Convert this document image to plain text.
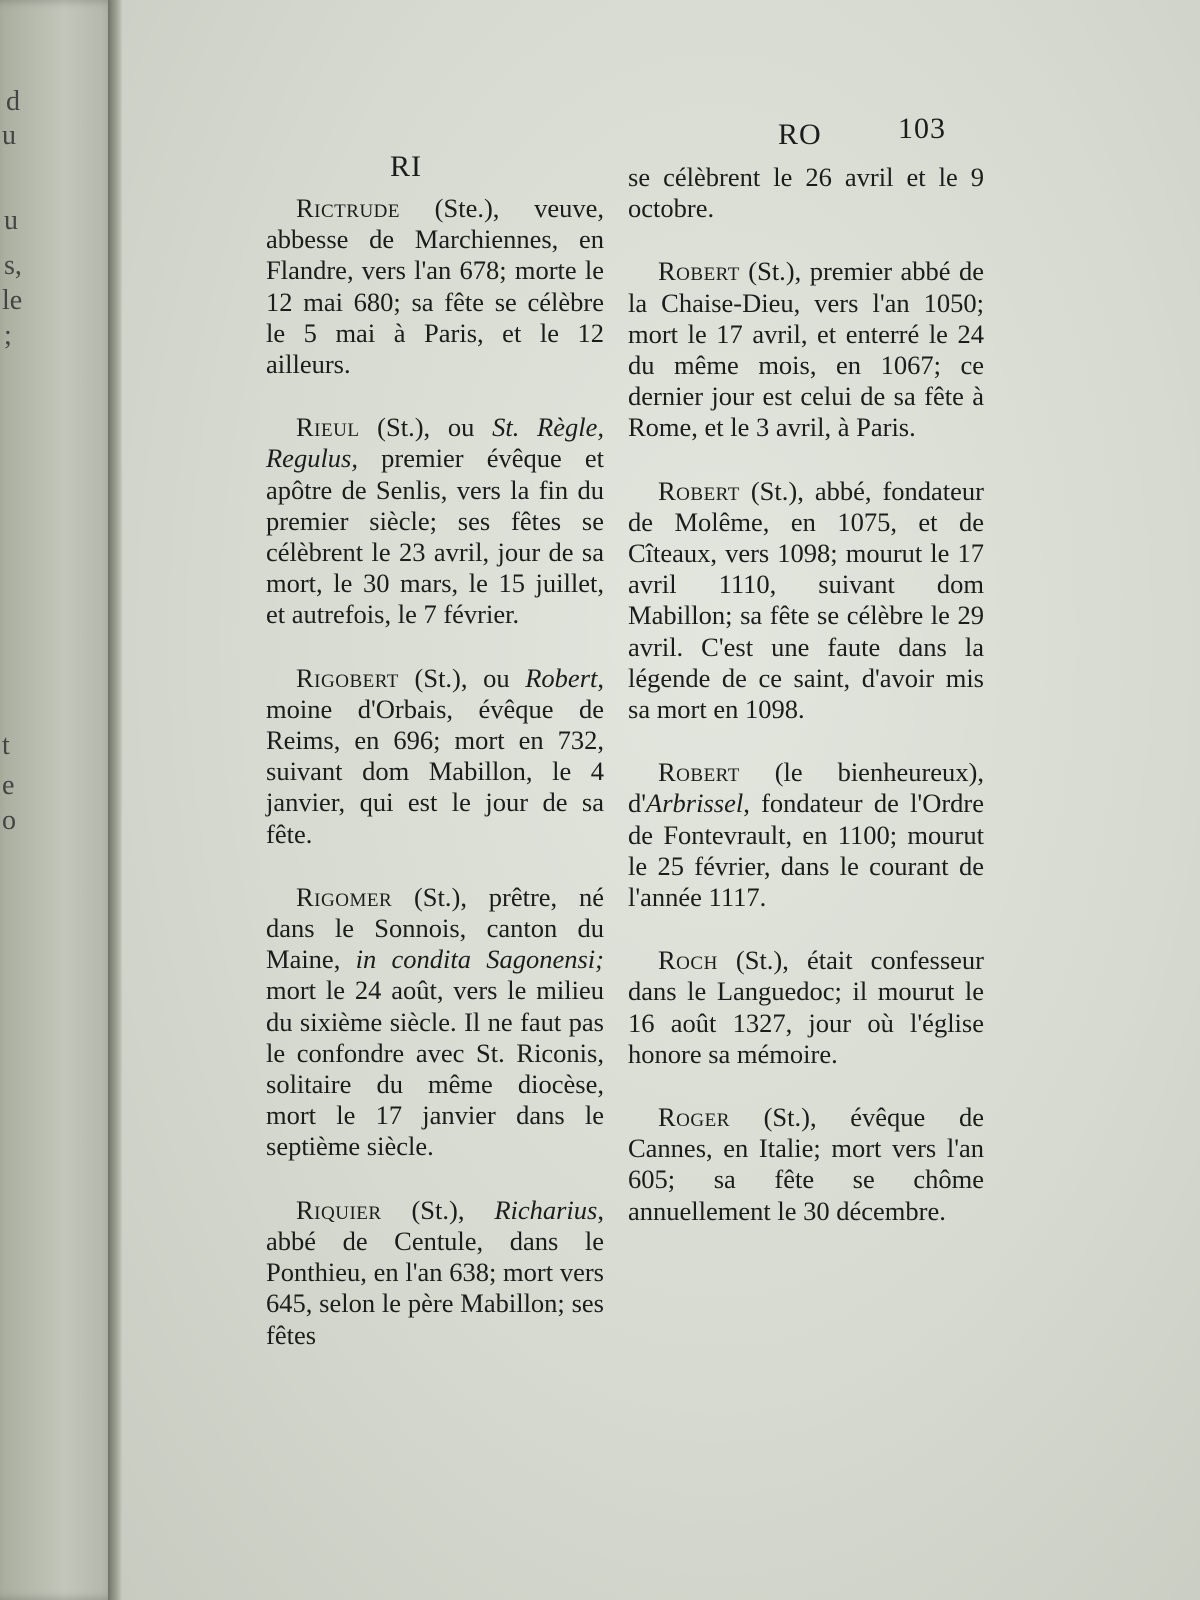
d
u
u
s,
le
;
t
e
o
RI
RO	103

Rictrude (Ste.), veuve, abbesse de Marchiennes, en Flandre, vers l'an 678; morte le 12 mai 680; sa fête se célèbre le 5 mai à Paris, et le 12 ailleurs.

Rieul (St.), ou St. Règle, Regulus, premier évêque et apôtre de Senlis, vers la fin du premier siècle; ses fêtes se célèbrent le 23 avril, jour de sa mort, le 30 mars, le 15 juillet, et autrefois, le 7 février.

Rigobert (St.), ou Robert, moine d'Orbais, évêque de Reims, en 696; mort en 732, suivant dom Mabillon, le 4 janvier, qui est le jour de sa fête.

Rigomer (St.), prêtre, né dans le Sonnois, canton du Maine, in condita Sagonensi; mort le 24 août, vers le milieu du sixième siècle. Il ne faut pas le confondre avec St. Riconis, solitaire du même diocèse, mort le 17 janvier dans le septième siècle.

Riquier (St.), Richarius, abbé de Centule, dans le Ponthieu, en l'an 638; mort vers 645, selon le père Mabillon; ses fêtes

se célèbrent le 26 avril et le 9 octobre.

Robert (St.), premier abbé de la Chaise-Dieu, vers l'an 1050; mort le 17 avril, et enterré le 24 du même mois, en 1067; ce dernier jour est celui de sa fête à Rome, et le 3 avril, à Paris.

Robert (St.), abbé, fondateur de Molême, en 1075, et de Cîteaux, vers 1098; mourut le 17 avril 1110, suivant dom Mabillon; sa fête se célèbre le 29 avril. C'est une faute dans la légende de ce saint, d'avoir mis sa mort en 1098.

Robert (le bienheureux), d'Arbrissel, fondateur de l'Ordre de Fontevrault, en 1100; mourut le 25 février, dans le courant de l'année 1117.

Roch (St.), était confesseur dans le Languedoc; il mourut le 16 août 1327, jour où l'église honore sa mémoire.

Roger (St.), évêque de Cannes, en Italie; mort vers l'an 605; sa fête se chôme annuellement le 30 décembre.
